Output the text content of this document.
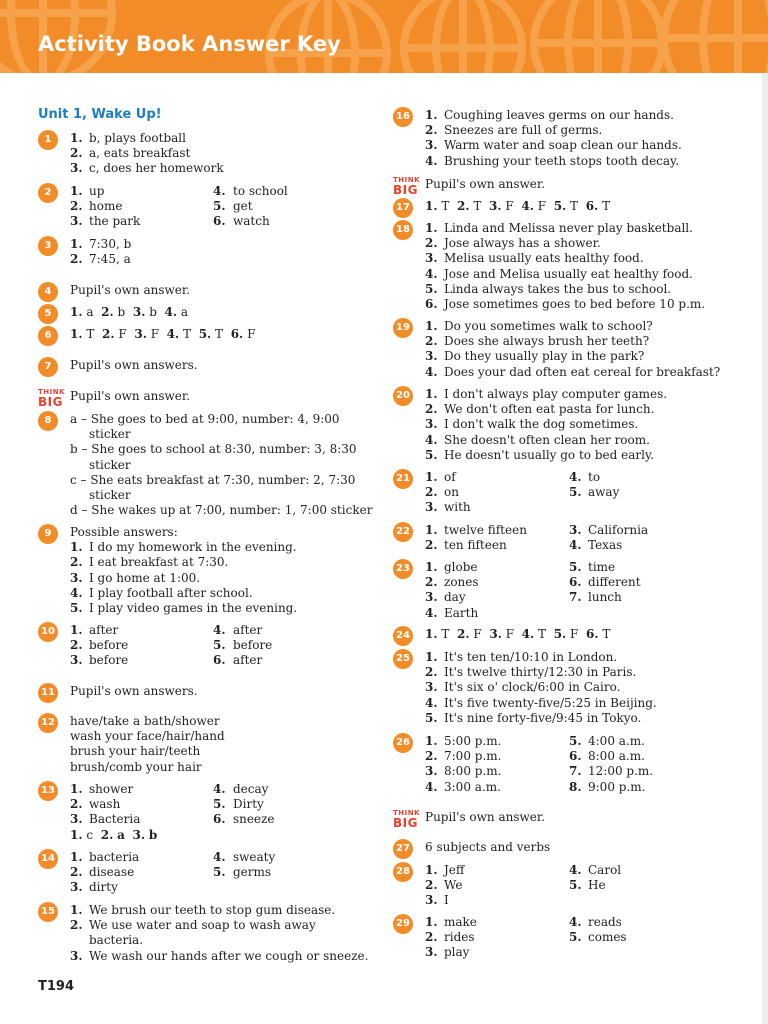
Activity Book Answer Key
Unit 1, Wake Up!
1	1. b, plays football
2. a, eats breakfast
3. c, does her homework
2	1. up	4. to school
2. home	5. get
3. the park	6. watch
3	1. 7:30, b
2. 7:45, a
4	Pupil's own answer.
5	1. a 2. b 3. b 4. a
6	1. T 2. F 3. F 4. T 5. T 6. F
7	Pupil's own answers.
THINK
BIG Pupil's own answer.
8	a – She goes to bed at 9:00, number: 4, 9:00
sticker
b – She goes to school at 8:30, number: 3, 8:30
sticker
c – She eats breakfast at 7:30, number: 2, 7:30
sticker
d – She wakes up at 7:00, number: 1, 7:00 sticker
9	Possible answers:
1. I do my homework in the evening.
2. I eat breakfast at 7:30.
3. I go home at 1:00.
4. I play football after school.
5. I play video games in the evening.
10 1. after	4. after
2. before	5. before
3. before	6. after
11 Pupil's own answers.
12 have/take a bath/shower
wash your face/hair/hand
brush your hair/teeth
brush/comb your hair
13 1. shower	4. decay
2. wash	5. Dirty
3. Bacteria	6. sneeze
1. c 2. a 3. b
14 1. bacteria	4. sweaty
2. disease	5. germs
3. dirty
15 1. We brush our teeth to stop gum disease.
2. We use water and soap to wash away
bacteria.
3. We wash our hands after we cough or sneeze.
16 1. Coughing leaves germs on our hands.
2. Sneezes are full of germs.
3. Warm water and soap clean our hands.
4. Brushing your teeth stops tooth decay.
THINK
BIG Pupil's own answer.
17 1. T 2. T 3. F 4. F 5. T 6. T
18 1. Linda and Melissa never play basketball.
2. Jose always has a shower.
3. Melisa usually eats healthy food.
4. Jose and Melisa usually eat healthy food.
5. Linda always takes the bus to school.
6. Jose sometimes goes to bed before 10 p.m.
19 1. Do you sometimes walk to school?
2. Does she always brush her teeth?
3. Do they usually play in the park?
4. Does your dad often eat cereal for breakfast?
20 1. I don't always play computer games.
2. We don't often eat pasta for lunch.
3. I don't walk the dog sometimes.
4. She doesn't often clean her room.
5. He doesn't usually go to bed early.
21 1. of	4. to
2. on	5. away
3. with
22 1. twelve fifteen	3. California
2. ten fifteen	4. Texas
23 1. globe	5. time
2. zones	6. different
3. day	7. lunch
4. Earth
24 1. T 2. F 3. F 4. T 5. F 6. T
25 1. It's ten ten/10:10 in London.
2. It's twelve thirty/12:30 in Paris.
3. It's six o' clock/6:00 in Cairo.
4. It's five twenty-five/5:25 in Beijing.
5. It's nine forty-five/9:45 in Tokyo.
26 1. 5:00 p.m.	5. 4:00 a.m.
2. 7:00 p.m.	6. 8:00 a.m.
3. 8:00 p.m.	7. 12:00 p.m.
4. 3:00 a.m.	8. 9:00 p.m.
THINK
BIG Pupil's own answer.
27 6 subjects and verbs
28 1. Jeff	4. Carol
2. We	5. He
3. I
29 1. make	4. reads
2. rides	5. comes
3. play
T194
